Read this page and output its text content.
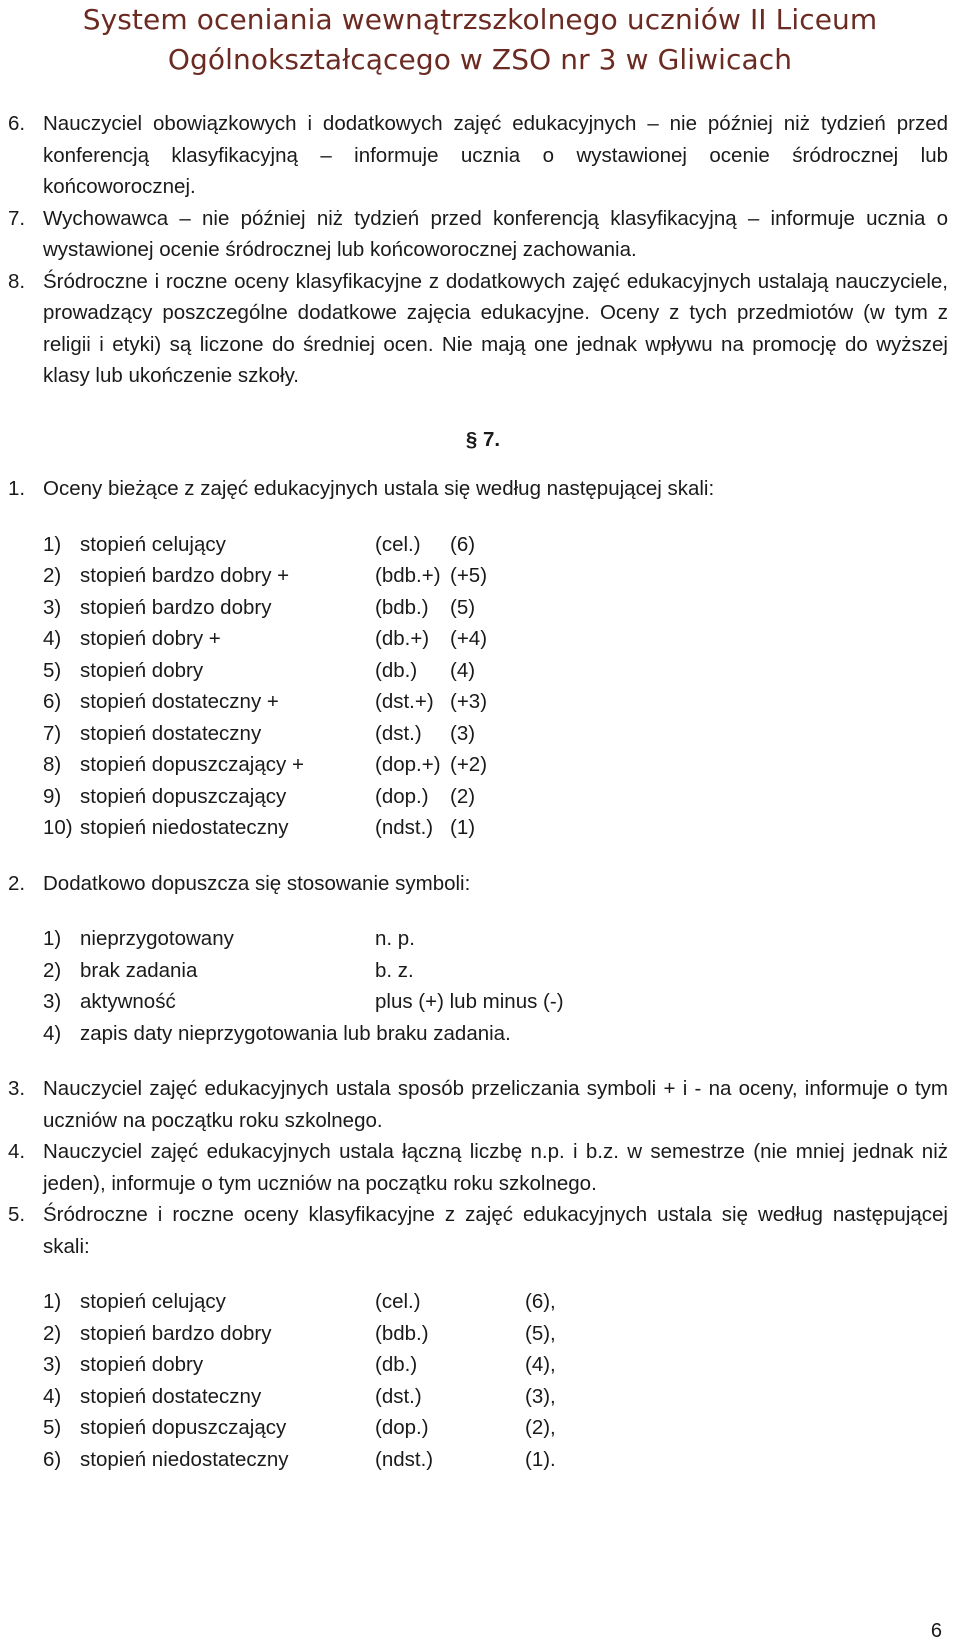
System oceniania wewnątrzszkolnego uczniów II Liceum
Ogólnokształcącego w ZSO nr 3 w Gliwicach
6. Nauczyciel obowiązkowych i dodatkowych zajęć edukacyjnych – nie później niż tydzień przed konferencją klasyfikacyjną – informuje ucznia o wystawionej ocenie śródrocznej lub końcoworocznej.
7. Wychowawca – nie później niż tydzień przed konferencją klasyfikacyjną – informuje ucznia o wystawionej ocenie śródrocznej lub końcoworocznej zachowania.
8. Śródroczne i roczne oceny klasyfikacyjne z dodatkowych zajęć edukacyjnych ustalają nauczyciele, prowadzący poszczególne dodatkowe zajęcia edukacyjne. Oceny z tych przedmiotów (w tym z religii i etyki) są liczone do średniej ocen. Nie mają one jednak wpływu na promocję do wyższej klasy lub ukończenie szkoły.
§ 7.
1. Oceny bieżące z zajęć edukacyjnych ustala się według następującej skali:
1) stopień celujący	(cel.)	(6)
2) stopień bardzo dobry +	(bdb.+) (+5)
3) stopień bardzo dobry	(bdb.)	(5)
4) stopień dobry +	(db.+)	(+4)
5) stopień dobry	(db.)	(4)
6) stopień dostateczny +	(dst.+) (+3)
7) stopień dostateczny	(dst.)	(3)
8) stopień dopuszczający +	(dop.+) (+2)
9) stopień dopuszczający	(dop.)	(2)
10) stopień niedostateczny	(ndst.) (1)
2. Dodatkowo dopuszcza się stosowanie symboli:
1) nieprzygotowany	n. p.
2) brak zadania	b. z.
3) aktywność	plus (+) lub minus (-)
4) zapis daty nieprzygotowania lub braku zadania.
3. Nauczyciel zajęć edukacyjnych ustala sposób przeliczania symboli + i - na oceny, informuje o tym uczniów na początku roku szkolnego.
4. Nauczyciel zajęć edukacyjnych ustala łączną liczbę n.p. i b.z. w semestrze (nie mniej jednak niż jeden), informuje o tym uczniów na początku roku szkolnego.
5. Śródroczne i roczne oceny klasyfikacyjne z zajęć edukacyjnych ustala się według następującej skali:
1) stopień celujący	(cel.)	(6),
2) stopień bardzo dobry	(bdb.)	(5),
3) stopień dobry	(db.)	(4),
4) stopień dostateczny	(dst.)	(3),
5) stopień dopuszczający	(dop.)	(2),
6) stopień niedostateczny	(ndst.)	(1).
6
